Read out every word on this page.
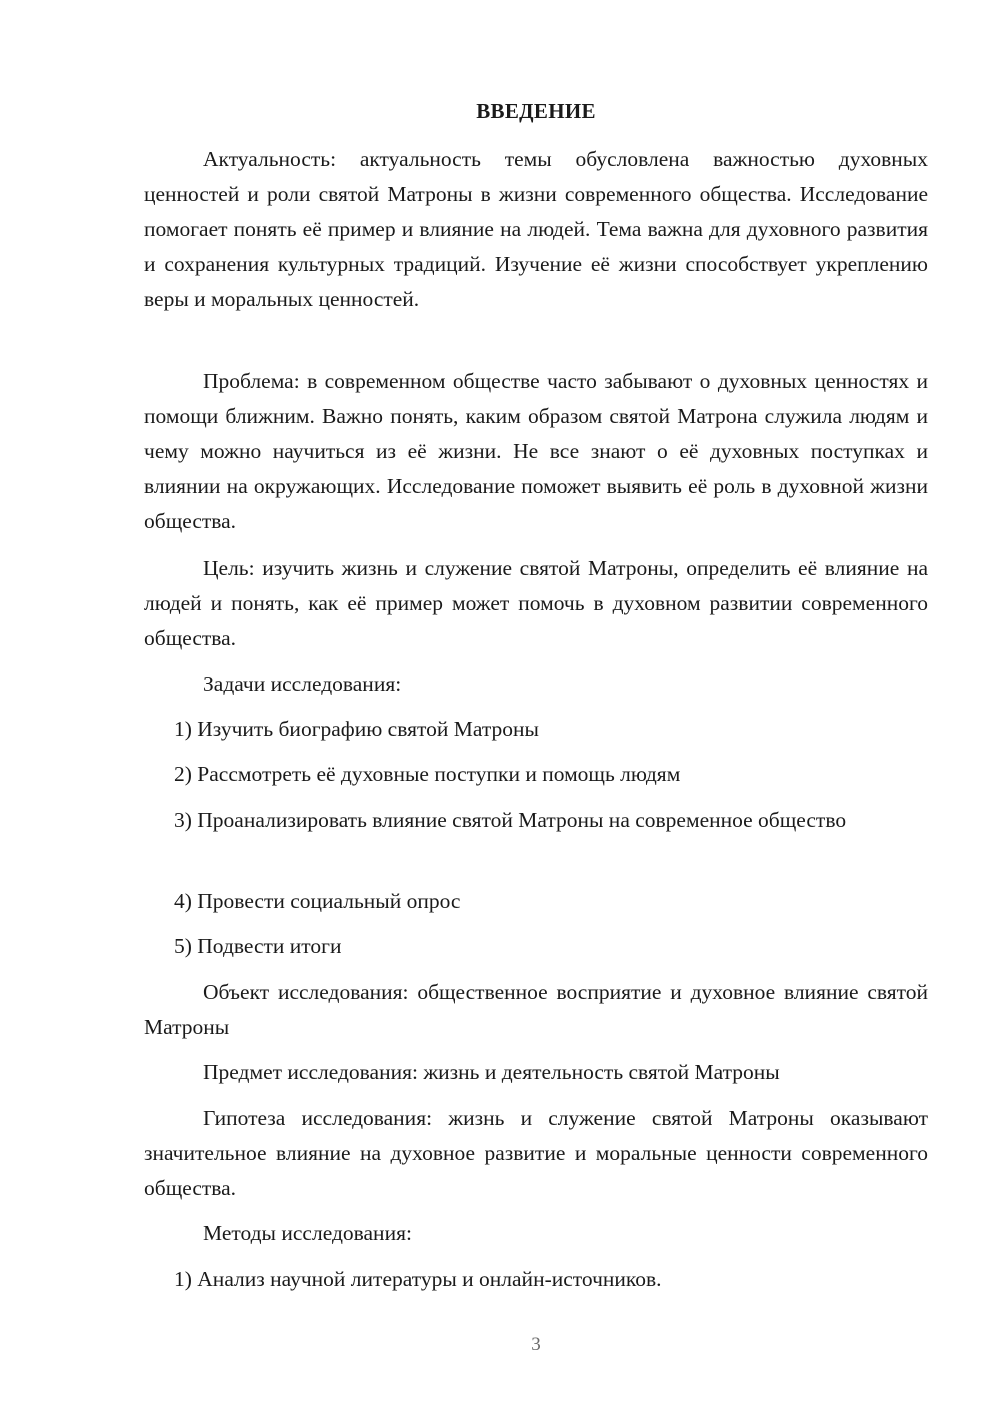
ВВЕДЕНИЕ

Актуальность: актуальность темы обусловлена важностью духовных ценностей и роли святой Матроны в жизни современного общества. Исследование помогает понять её пример и влияние на людей. Тема важна для духовного развития и сохранения культурных традиций. Изучение её жизни способствует укреплению веры и моральных ценностей.

Проблема: в современном обществе часто забывают о духовных ценностях и помощи ближним. Важно понять, каким образом святой Матрона служила людям и чему можно научиться из её жизни. Не все знают о её духовных поступках и влиянии на окружающих. Исследование поможет выявить её роль в духовной жизни общества.

Цель: изучить жизнь и служение святой Матроны, определить её влияние на людей и понять, как её пример может помочь в духовном развитии современного общества.

Задачи исследования:

1) Изучить биографию святой Матроны

2) Рассмотреть её духовные поступки и помощь людям

3) Проанализировать влияние святой Матроны на современное общество

4) Провести социальный опрос

5) Подвести итоги

Объект исследования: общественное восприятие и духовное влияние святой Матроны

Предмет исследования: жизнь и деятельность святой Матроны

Гипотеза исследования: жизнь и служение святой Матроны оказывают значительное влияние на духовное развитие и моральные ценности современного общества.

Методы исследования:

1) Анализ научной литературы и онлайн-источников.

3
